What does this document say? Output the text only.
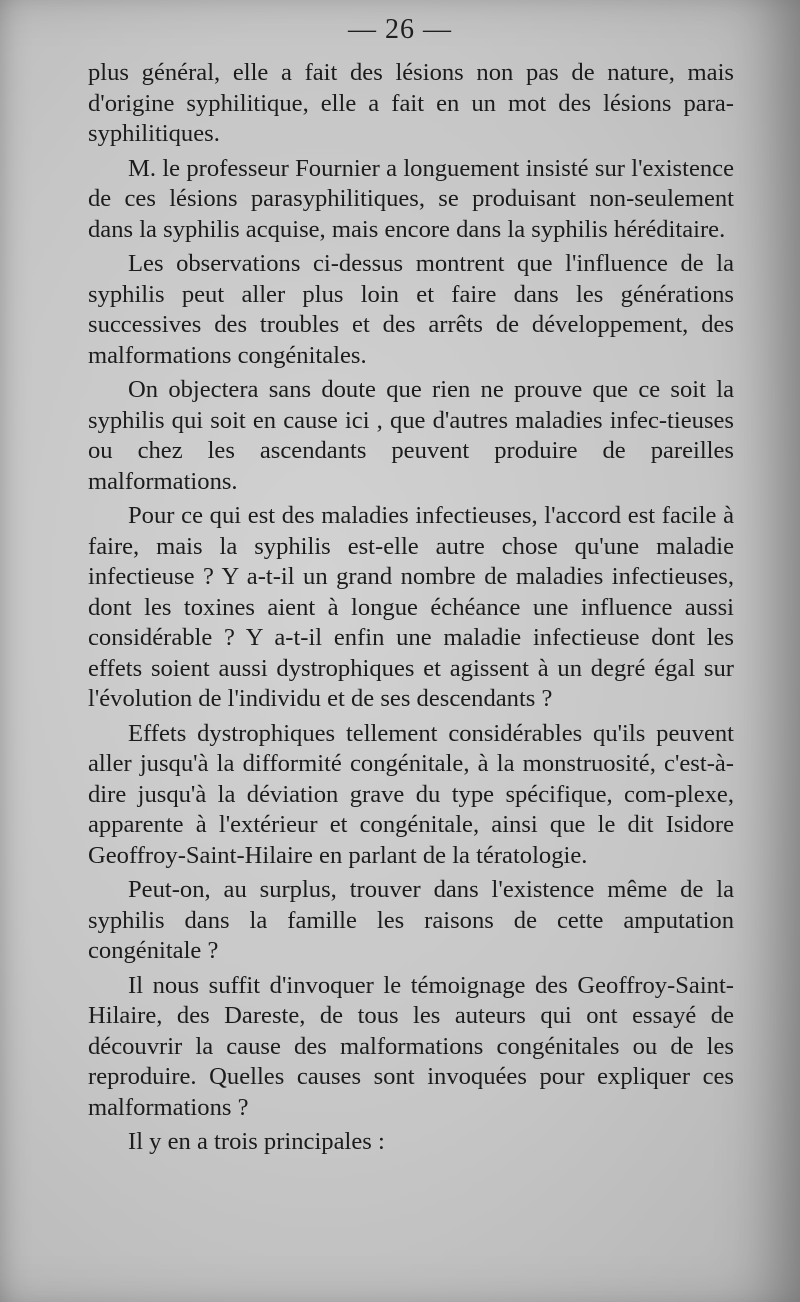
— 26 —

plus général, elle a fait des lésions non pas de nature, mais d'origine syphilitique, elle a fait en un mot des lésions para-syphilitiques.

M. le professeur Fournier a longuement insisté sur l'existence de ces lésions parasyphilitiques, se produisant non-seulement dans la syphilis acquise, mais encore dans la syphilis héréditaire.

Les observations ci-dessus montrent que l'influence de la syphilis peut aller plus loin et faire dans les générations successives des troubles et des arrêts de développement, des malformations congénitales.

On objectera sans doute que rien ne prouve que ce soit la syphilis qui soit en cause ici , que d'autres maladies infec-tieuses ou chez les ascendants peuvent produire de pareilles malformations.

Pour ce qui est des maladies infectieuses, l'accord est facile à faire, mais la syphilis est-elle autre chose qu'une maladie infectieuse ? Y a-t-il un grand nombre de maladies infectieuses, dont les toxines aient à longue échéance une influence aussi considérable ? Y a-t-il enfin une maladie infectieuse dont les effets soient aussi dystrophiques et agissent à un degré égal sur l'évolution de l'individu et de ses descendants ?

Effets dystrophiques tellement considérables qu'ils peuvent aller jusqu'à la difformité congénitale, à la monstruosité, c'est-à-dire jusqu'à la déviation grave du type spécifique, com-plexe, apparente à l'extérieur et congénitale, ainsi que le dit Isidore Geoffroy-Saint-Hilaire en parlant de la tératologie.

Peut-on, au surplus, trouver dans l'existence même de la syphilis dans la famille les raisons de cette amputation congénitale ?

Il nous suffit d'invoquer le témoignage des Geoffroy-Saint-Hilaire, des Dareste, de tous les auteurs qui ont essayé de découvrir la cause des malformations congénitales ou de les reproduire. Quelles causes sont invoquées pour expliquer ces malformations ?

Il y en a trois principales :
